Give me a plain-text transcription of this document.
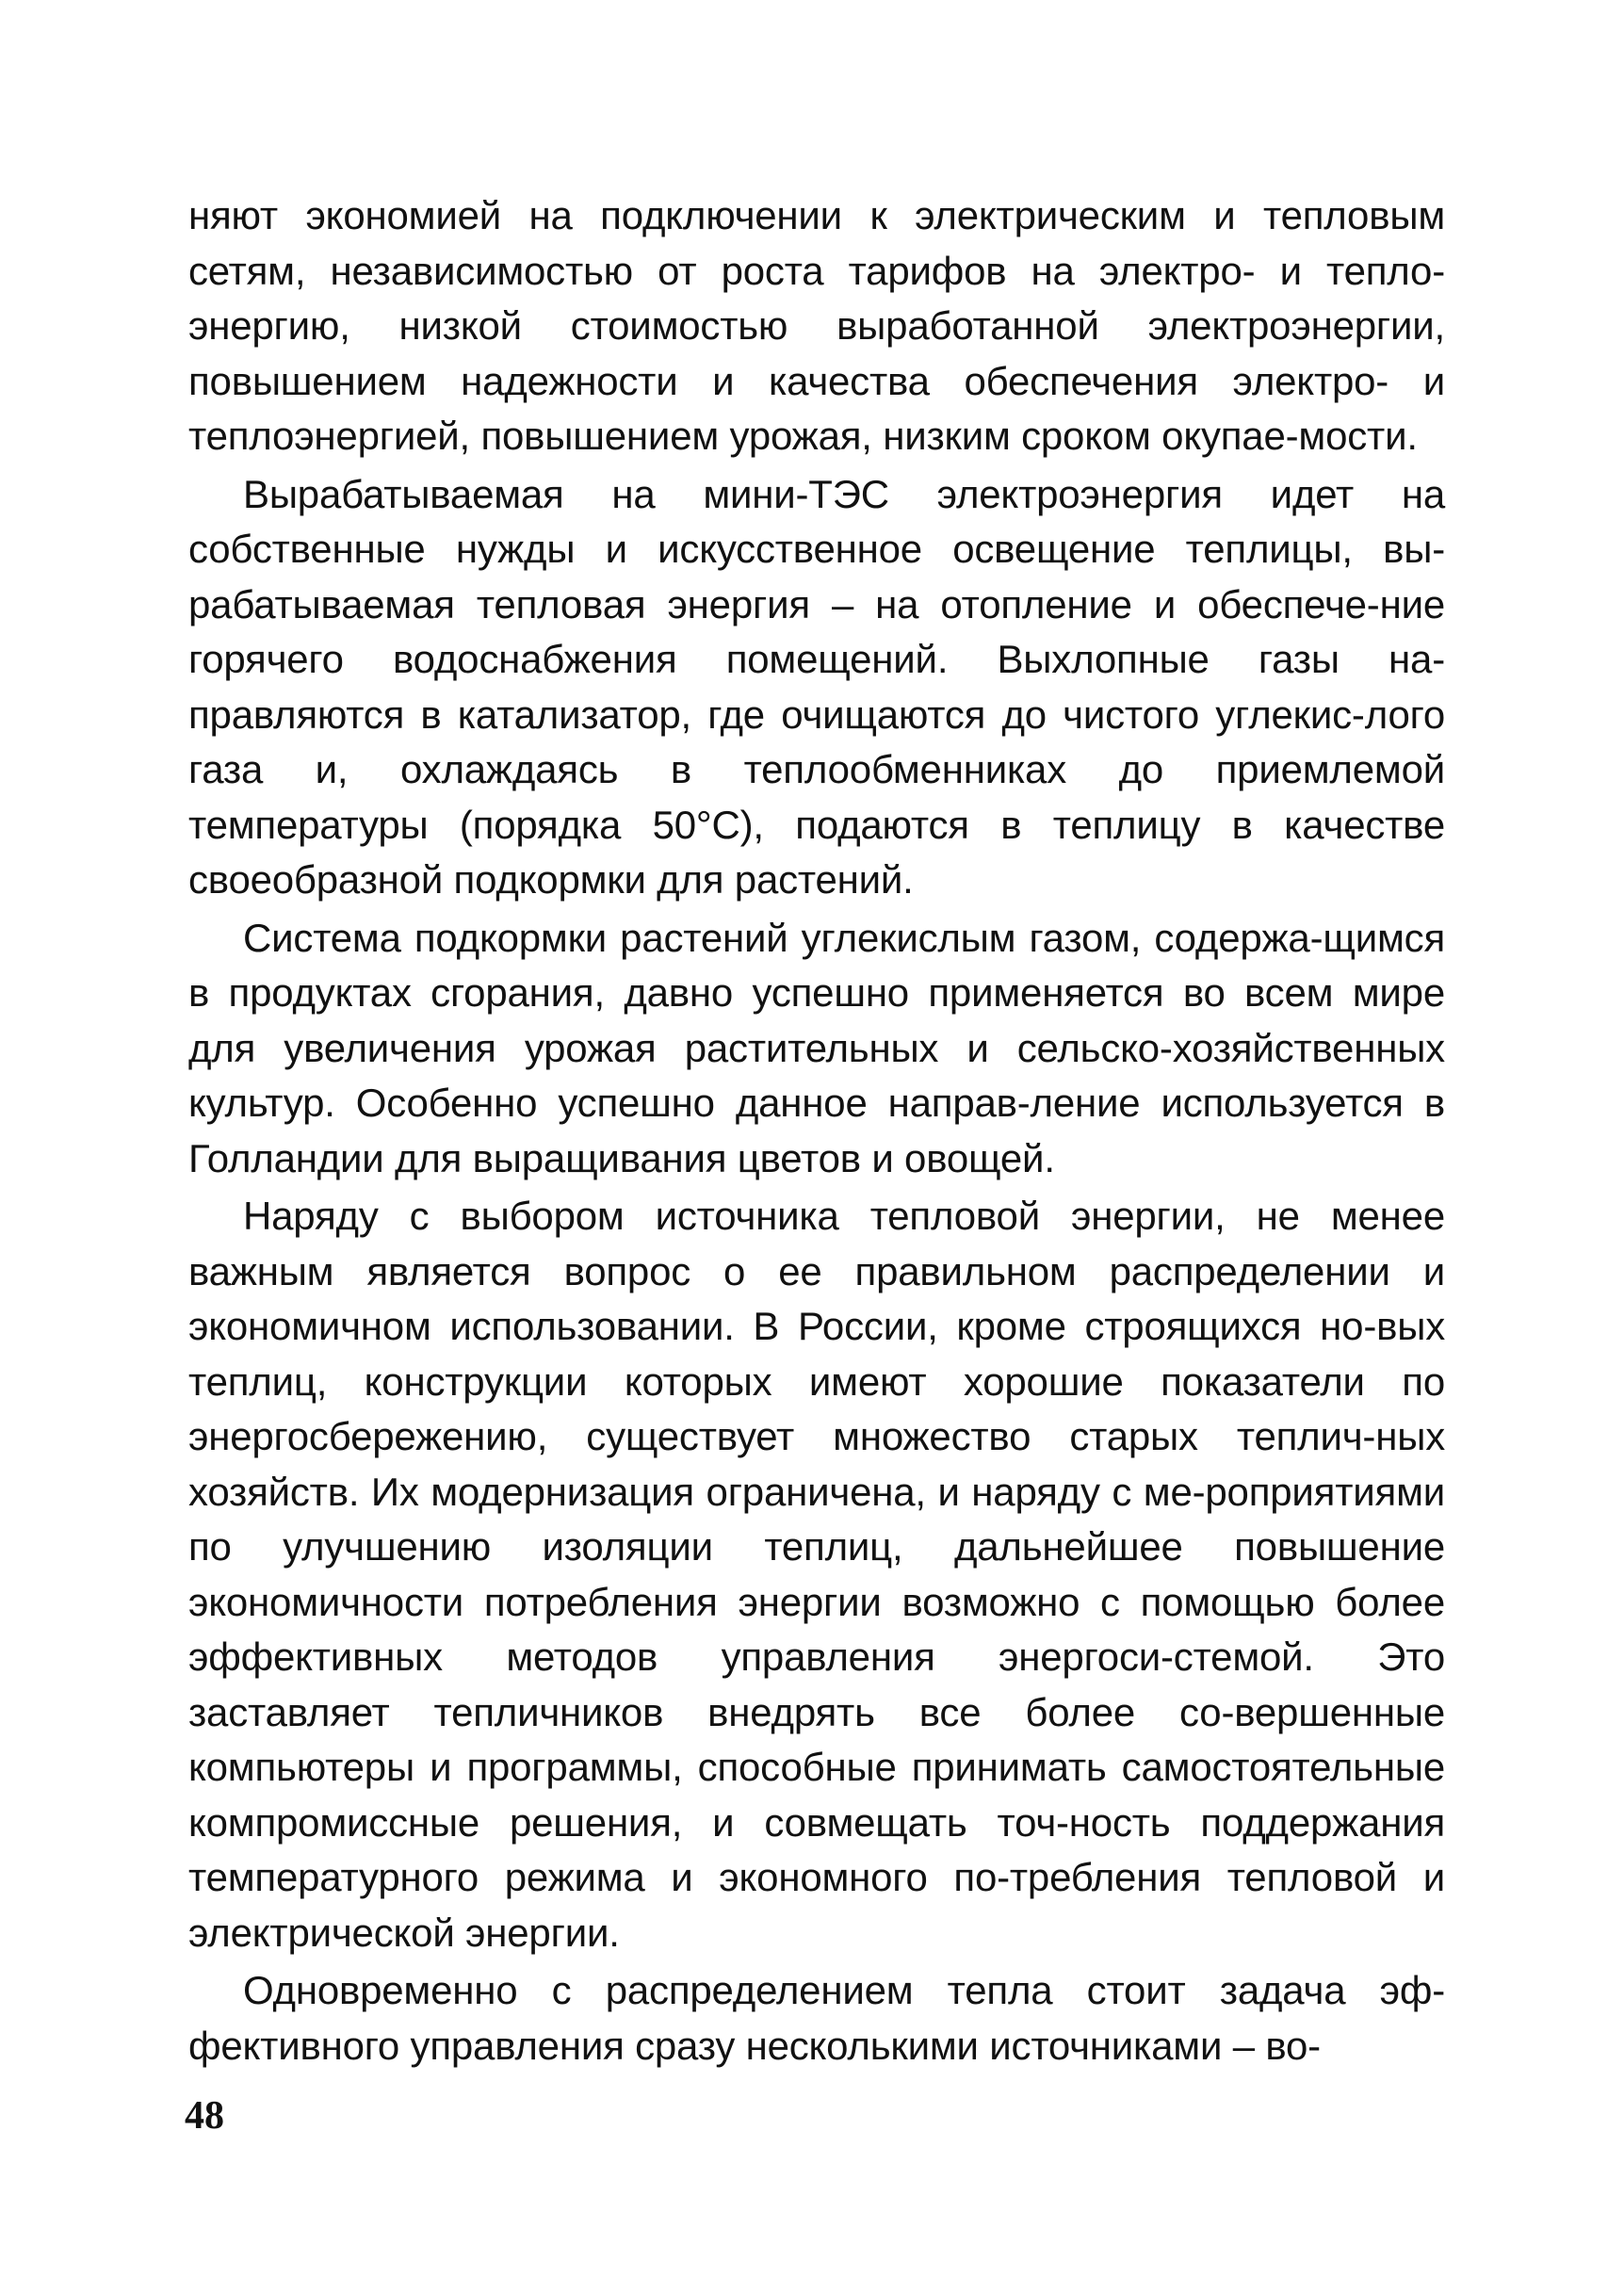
няют экономией на подключении к электрическим и тепловым сетям, независимостью от роста тарифов на электро- и тепло-энергию, низкой стоимостью выработанной электроэнергии, повышением надежности и качества обеспечения электро- и теплоэнергией, повышением урожая, низким сроком окупае-мости.

Вырабатываемая на мини-ТЭС электроэнергия идет на собственные нужды и искусственное освещение теплицы, вы-рабатываемая тепловая энергия – на отопление и обеспече-ние горячего водоснабжения помещений. Выхлопные газы на-правляются в катализатор, где очищаются до чистого углекис-лого газа и, охлаждаясь в теплообменниках до приемлемой температуры (порядка 50°С), подаются в теплицу в качестве своеобразной подкормки для растений.

Система подкормки растений углекислым газом, содержа-щимся в продуктах сгорания, давно успешно применяется во всем мире для увеличения урожая растительных и сельско-хозяйственных культур. Особенно успешно данное направ-ление используется в Голландии для выращивания цветов и овощей.

Наряду с выбором источника тепловой энергии, не менее важным является вопрос о ее правильном распределении и экономичном использовании. В России, кроме строящихся но-вых теплиц, конструкции которых имеют хорошие показатели по энергосбережению, существует множество старых теплич-ных хозяйств. Их модернизация ограничена, и наряду с ме-роприятиями по улучшению изоляции теплиц, дальнейшее повышение экономичности потребления энергии возможно с помощью более эффективных методов управления энергоси-стемой. Это заставляет тепличников внедрять все более со-вершенные компьютеры и программы, способные принимать самостоятельные компромиссные решения, и совмещать точ-ность поддержания температурного режима и экономного по-требления тепловой и электрической энергии.

Одновременно с распределением тепла стоит задача эф-фективного управления сразу несколькими источниками – во-

48
